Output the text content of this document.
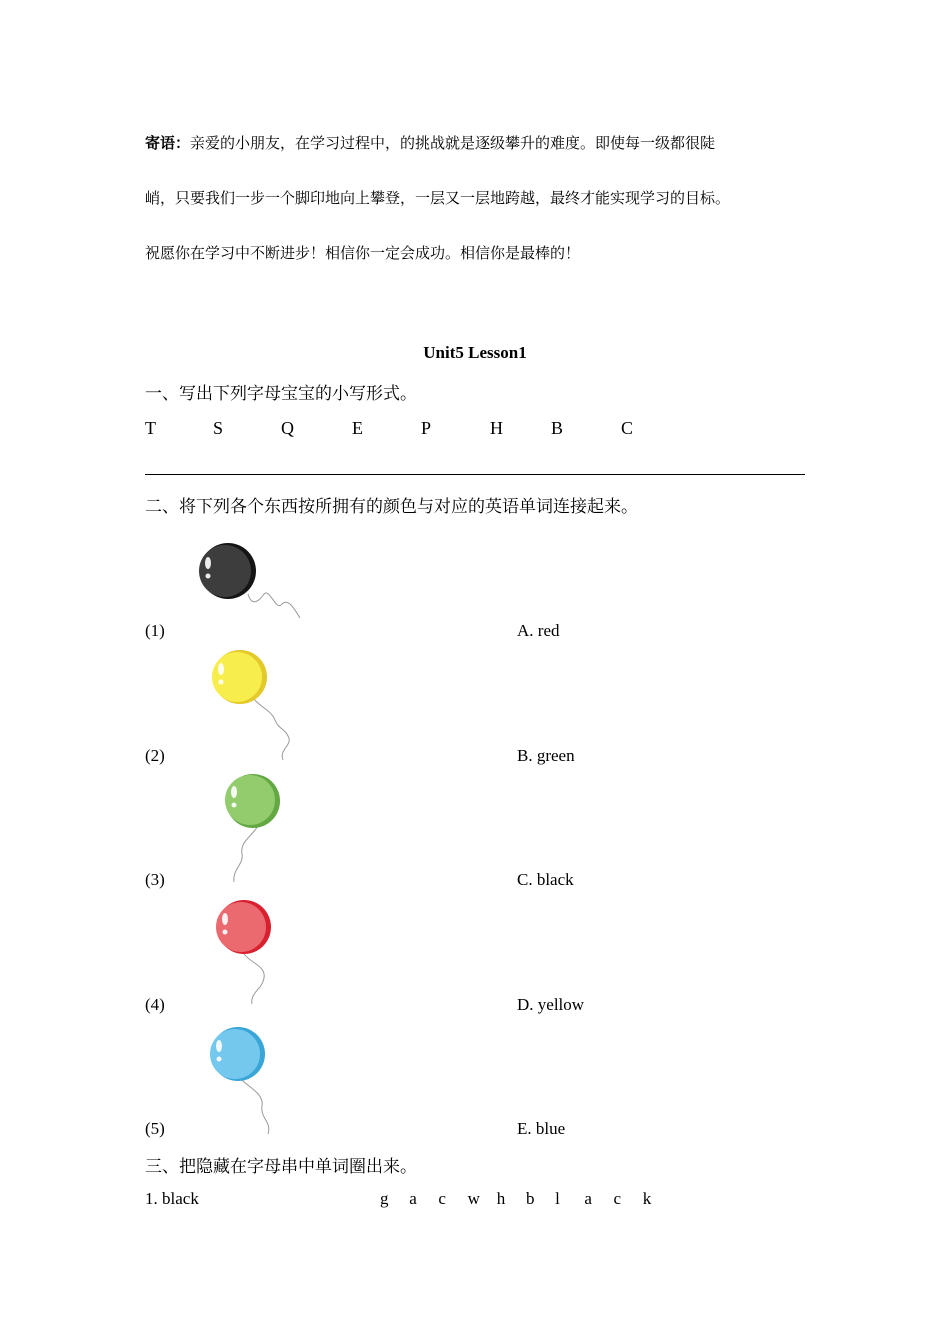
寄语：亲爱的小朋友，在学习过程中，的挑战就是逐级攀升的难度。即使每一级都很陡
峭，只要我们一步一个脚印地向上攀登，一层又一层地跨越，最终才能实现学习的目标。
祝愿你在学习中不断进步！相信你一定会成功。相信你是最棒的！
Unit5 Lesson1
一、写出下列字母宝宝的小写形式。
T	S	Q	E	P	H	B	C
二、将下列各个东西按所拥有的颜色与对应的英语单词连接起来。
(1)	A. red
(2)	B. green
(3)	C. black
(4)	D. yellow
(5)	E. blue
三、把隐藏在字母串中单词圈出来。
1. black	g a c w h b l a c k
